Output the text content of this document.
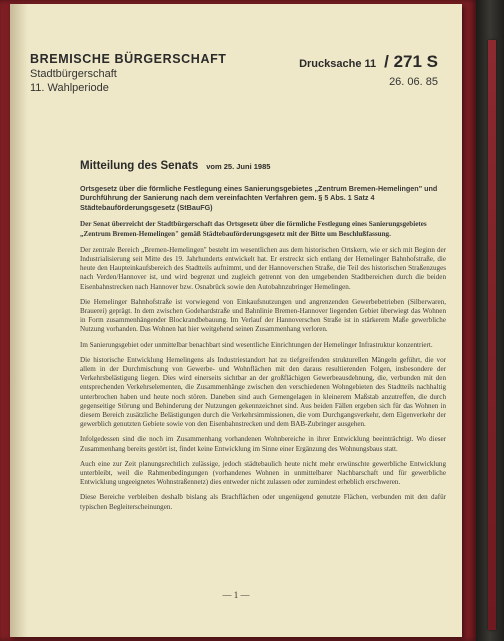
BREMISCHE BÜRGERSCHAFT
Stadtbürgerschaft
11. Wahlperiode
Drucksache 11 / 271 S
26. 06. 85
Mitteilung des Senats vom 25. Juni 1985

Ortsgesetz über die förmliche Festlegung eines Sanierungsgebietes „Zentrum Bremen-Hemelingen" und Durchführung der Sanierung nach dem vereinfachten Verfahren gem. § 5 Abs. 1 Satz 4 Städtebauförderungsgesetz (StBauFG)

Der Senat überreicht der Stadtbürgerschaft das Ortsgesetz über die förmliche Festlegung eines Sanierungsgebietes „Zentrum Bremen-Hemelingen" gemäß Städtebauförderungsgesetz mit der Bitte um Beschlußfassung.

Der zentrale Bereich „Bremen-Hemelingen" besteht im wesentlichen aus dem historischen Ortskern, wie er sich mit Beginn der Industrialisierung seit Mitte des 19. Jahrhunderts entwickelt hat. Er erstreckt sich entlang der Hemelinger Bahnhofstraße, die heute den Haupteinkaufsbereich des Stadtteils aufnimmt, und der Hannoverschen Straße, die Teil des historischen Straßenzuges nach Verden/Hannover ist, und wird begrenzt und zugleich getrennt von den umgebenden Stadtbereichen durch die beiden Eisenbahnstrecken nach Hannover bzw. Osnabrück sowie den Autobahnzubringer Hemelingen.

Die Hemelinger Bahnhofstraße ist vorwiegend von Einkaufsnutzungen und angrenzenden Gewerbebetrieben (Silberwaren, Brauerei) geprägt. In dem zwischen Godehardstraße und Bahnlinie Bremen-Hannover liegenden Gebiet überwiegt das Wohnen in Form zusammenhängender Blockrandbebauung. Im Verlauf der Hannoverschen Straße ist in stärkerem Maße gewerbliche Nutzung vorhanden. Das Wohnen hat hier weitgehend seinen Zusammenhang verloren.

Im Sanierungsgebiet oder unmittelbar benachbart sind wesentliche Einrichtungen der Hemelinger Infrastruktur konzentriert.

Die historische Entwicklung Hemelingens als Industriestandort hat zu tiefgreifenden strukturellen Mängeln geführt, die vor allem in der Durchmischung von Gewerbe- und Wohnflächen mit den daraus resultierenden Folgen, insbesondere der Verkehrsbelästigung liegen. Dies wird einerseits sichtbar an der großflächigen Gewerbeausdehnung, die, verbunden mit den entsprechenden Verkehrselementen, die Zusammenhänge zwischen den verschiedenen Wohngebieten des Stadtteils nachhaltig unterbrochen haben und heute noch stören. Daneben sind auch Gemengelagen in kleinerem Maßstab anzutreffen, die durch gegenseitige Störung und Behinderung der Nutzungen gekennzeichnet sind. Aus beiden Fällen ergeben sich für das Wohnen in diesem Bereich zusätzliche Belästigungen durch die Verkehrsimmissionen, die vom Durchgangsverkehr, dem Eigenverkehr der gewerblich genutzten Gebiete sowie von den Eisenbahnstrecken und dem BAB-Zubringer ausgehen.

Infolgedessen sind die noch im Zusammenhang vorhandenen Wohnbereiche in ihrer Entwicklung beeinträchtigt. Wo dieser Zusammenhang bereits gestört ist, findet keine Entwicklung im Sinne einer Ergänzung des Wohnungsbaus statt.

Auch eine zur Zeit planungsrechtlich zulässige, jedoch städtebaulich heute nicht mehr erwünschte gewerbliche Entwicklung unterbleibt, weil die Rahmenbedingungen (vorhandenes Wohnen in unmittelbarer Nachbarschaft und für gewerbliche Entwicklung ungeeignetes Wohnstraßennetz) dies entweder nicht zulassen oder zumindest erheblich erschweren.

Diese Bereiche verbleiben deshalb bislang als Brachflächen oder ungenügend genutzte Flächen, verbunden mit den dafür typischen Begleiterscheinungen.

— 1 —
